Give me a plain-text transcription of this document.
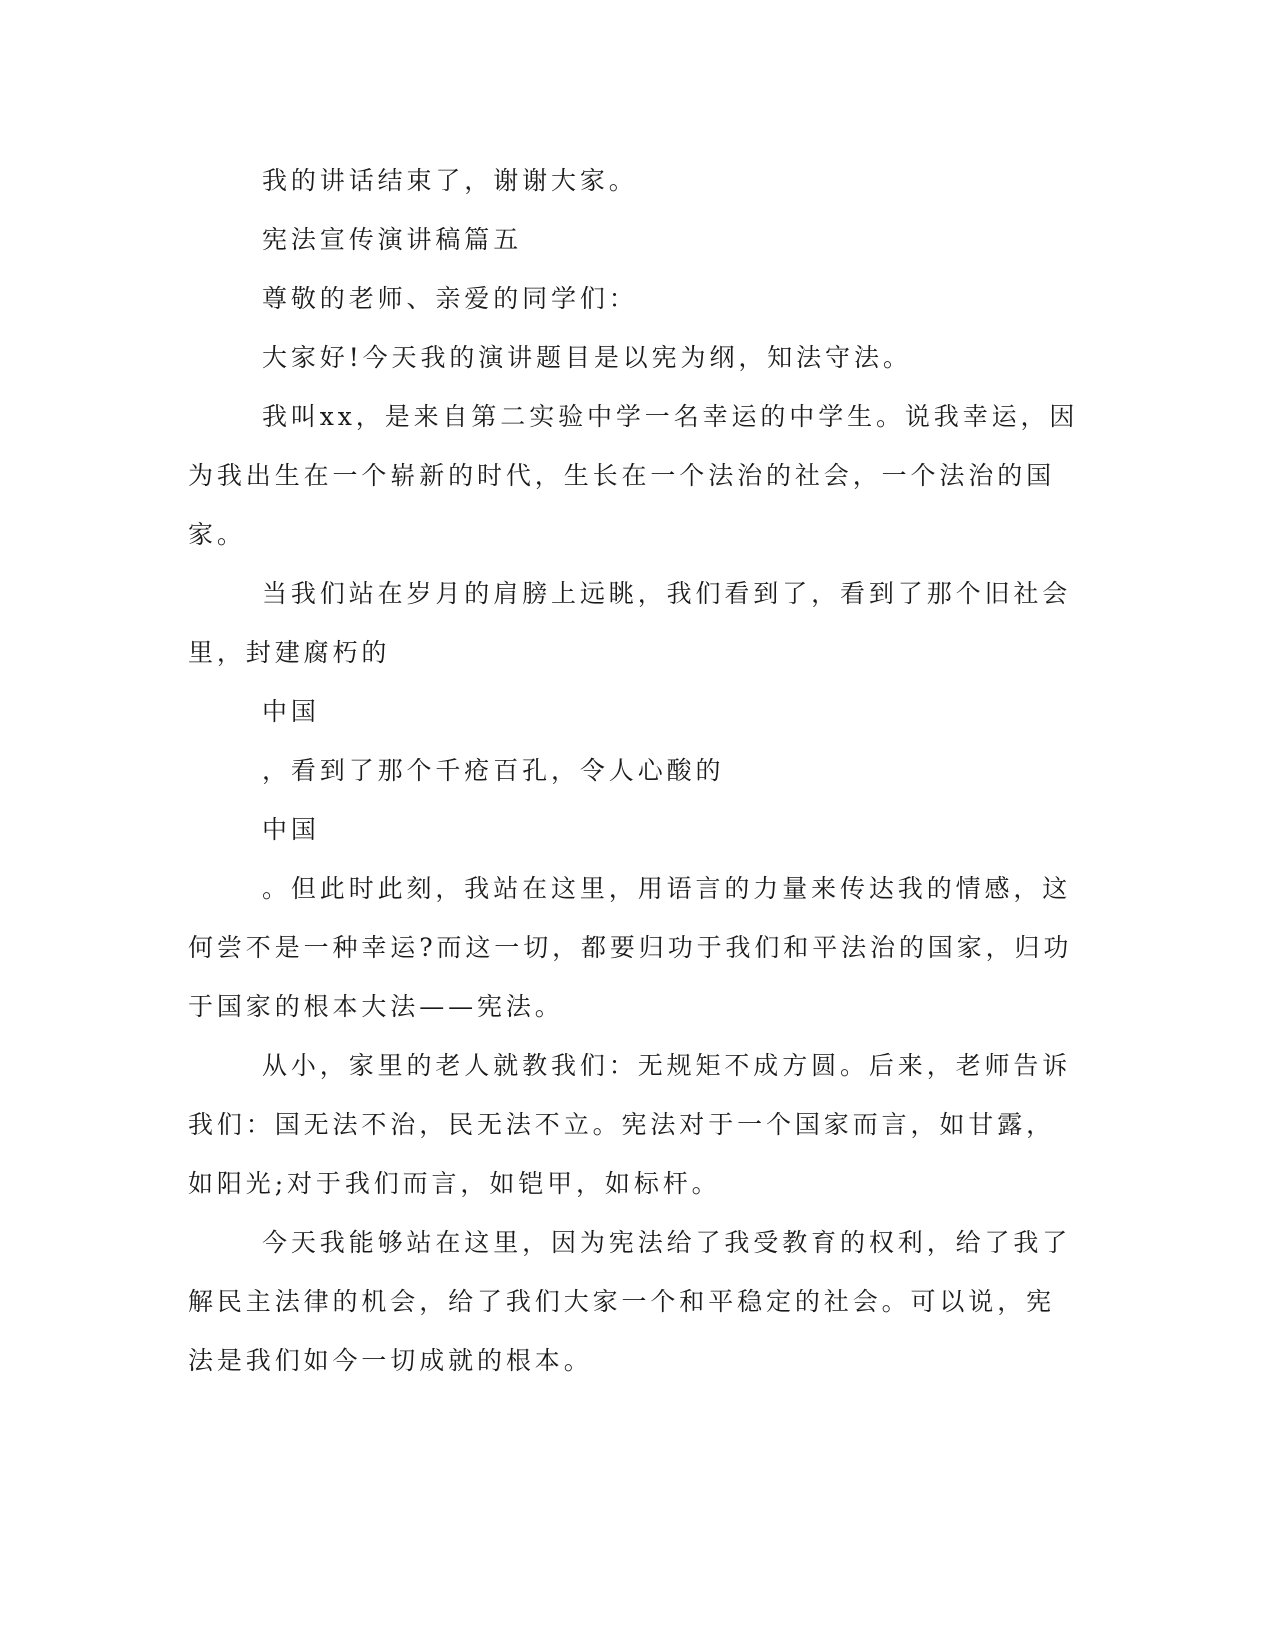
我的讲话结束了，谢谢大家。
宪法宣传演讲稿篇五
尊敬的老师、亲爱的同学们：
大家好!今天我的演讲题目是以宪为纲，知法守法。
我叫xx，是来自第二实验中学一名幸运的中学生。说我幸运，因
为我出生在一个崭新的时代，生长在一个法治的社会，一个法治的国
家。
当我们站在岁月的肩膀上远眺，我们看到了，看到了那个旧社会
里，封建腐朽的
中国
，看到了那个千疮百孔，令人心酸的
中国
。但此时此刻，我站在这里，用语言的力量来传达我的情感，这
何尝不是一种幸运?而这一切，都要归功于我们和平法治的国家，归功
于国家的根本大法——宪法。
从小，家里的老人就教我们：无规矩不成方圆。后来，老师告诉
我们：国无法不治，民无法不立。宪法对于一个国家而言，如甘露，
如阳光;对于我们而言，如铠甲，如标杆。
今天我能够站在这里，因为宪法给了我受教育的权利，给了我了
解民主法律的机会，给了我们大家一个和平稳定的社会。可以说，宪
法是我们如今一切成就的根本。
